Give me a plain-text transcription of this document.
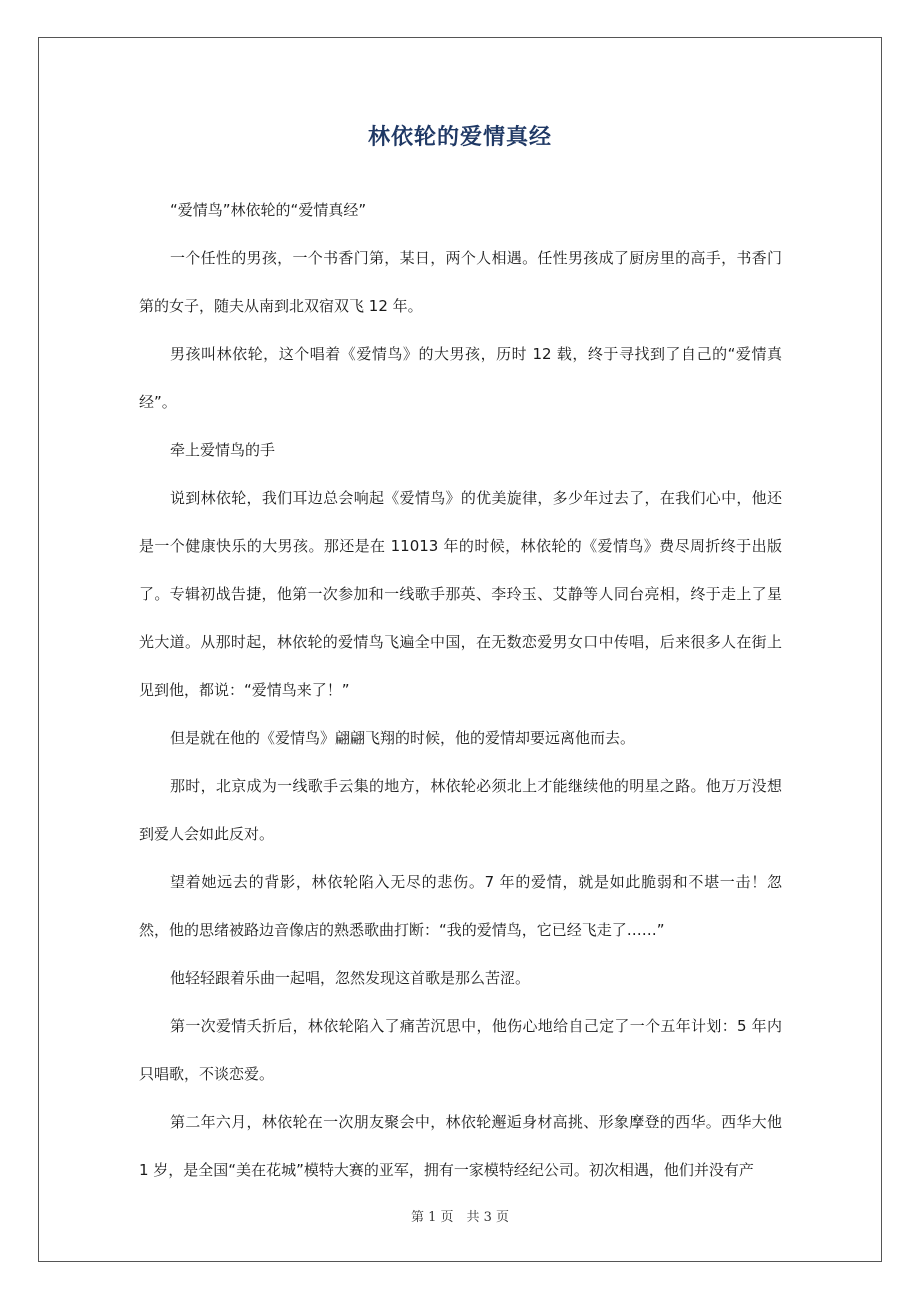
林依轮的爱情真经

“爱情鸟”林依轮的“爱情真经”

一个任性的男孩，一个书香门第，某日，两个人相遇。任性男孩成了厨房里的高手，书香门第的女子，随夫从南到北双宿双飞 12 年。

男孩叫林依轮，这个唱着《爱情鸟》的大男孩，历时 12 载，终于寻找到了自己的“爱情真经”。

牵上爱情鸟的手

说到林依轮，我们耳边总会响起《爱情鸟》的优美旋律，多少年过去了，在我们心中，他还是一个健康快乐的大男孩。那还是在 11013 年的时候，林依轮的《爱情鸟》费尽周折终于出版了。专辑初战告捷，他第一次参加和一线歌手那英、李玲玉、艾静等人同台亮相，终于走上了星光大道。从那时起，林依轮的爱情鸟飞遍全中国，在无数恋爱男女口中传唱，后来很多人在街上见到他，都说：“爱情鸟来了！”

但是就在他的《爱情鸟》翩翩飞翔的时候，他的爱情却要远离他而去。

那时，北京成为一线歌手云集的地方，林依轮必须北上才能继续他的明星之路。他万万没想到爱人会如此反对。

望着她远去的背影，林依轮陷入无尽的悲伤。7 年的爱情，就是如此脆弱和不堪一击！忽然，他的思绪被路边音像店的熟悉歌曲打断：“我的爱情鸟，它已经飞走了……”

他轻轻跟着乐曲一起唱，忽然发现这首歌是那么苦涩。

第一次爱情夭折后，林依轮陷入了痛苦沉思中，他伤心地给自己定了一个五年计划：5 年内只唱歌，不谈恋爱。

第二年六月，林依轮在一次朋友聚会中，林依轮邂逅身材高挑、形象摩登的西华。西华大他 1 岁，是全国“美在花城”模特大赛的亚军，拥有一家模特经纪公司。初次相遇，他们并没有产

第 1 页　共 3 页
